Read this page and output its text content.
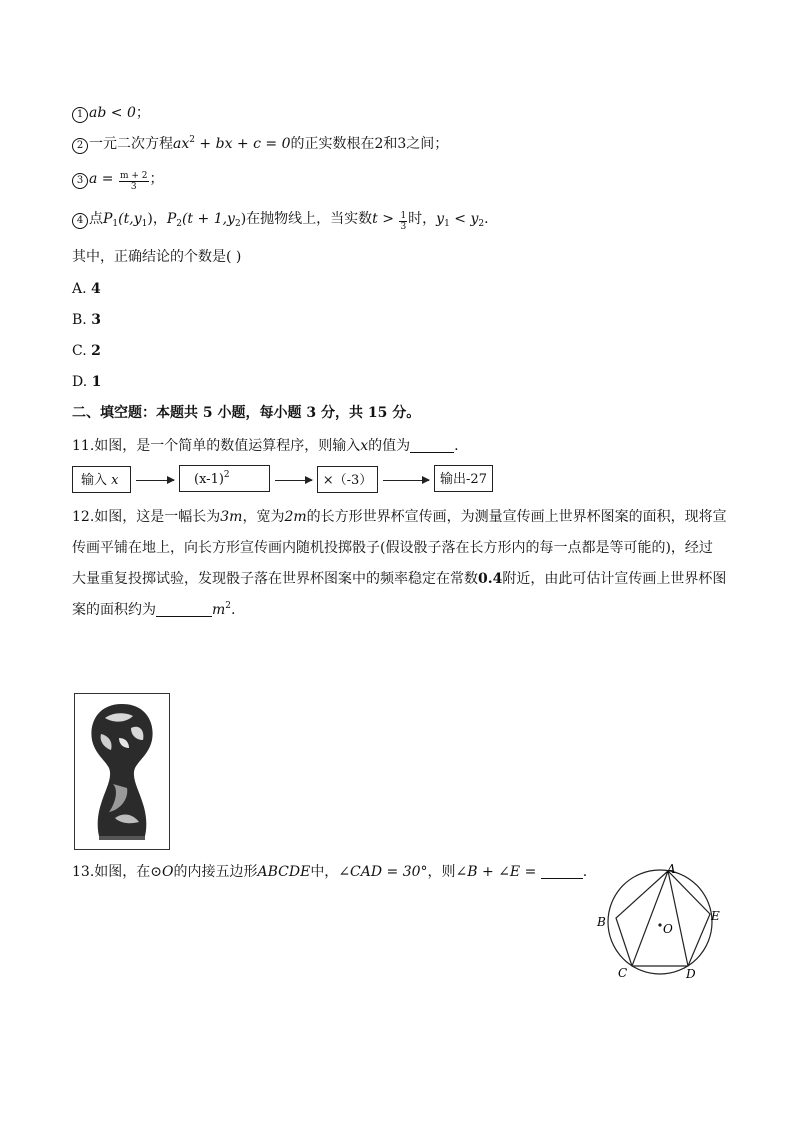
1 ab < 0；
2 一元二次方程$ax^2$ + bx + c = 0的正实数根在2和3之间；
3 $a = \frac{m + 2}{3}$ ；
4 点$P_1(t,y_1)$，$P_2(t + 1,y_2)$在抛物线上，当实数$t > \frac{1}{3}$ 时，$y_1 < y_2$.
其中，正确结论的个数是( )
A. 4
B. 3
C. 2
D. 1
二、填空题：本题共 5 小题，每小题 3 分，共 15 分。
11.如图，是一个简单的数值运算程序，则输入x的值为	.
输入 x	$(x-1)^2$	×（-3）	输出-27
12.如图，这是一幅长为3m，宽为2m的长方形世界杯宣传画，为测量宣传画上世界杯图案的面积，现将宣
传画平铺在地上，向长方形宣传画内随机投掷骰子(假设骰子落在长方形内的每一点都是等可能的)，经过
大量重复投掷试验，发现骰子落在世界杯图案中的频率稳定在常数0.4附近，由此可估计宣传画上世界杯图
案的面积约为	$m^2$.
13.如图，在⊙O的内接五边形ABCDE中，∠CAD = 30°，则∠B + ∠E =	.	A
B
C	D
E
O
